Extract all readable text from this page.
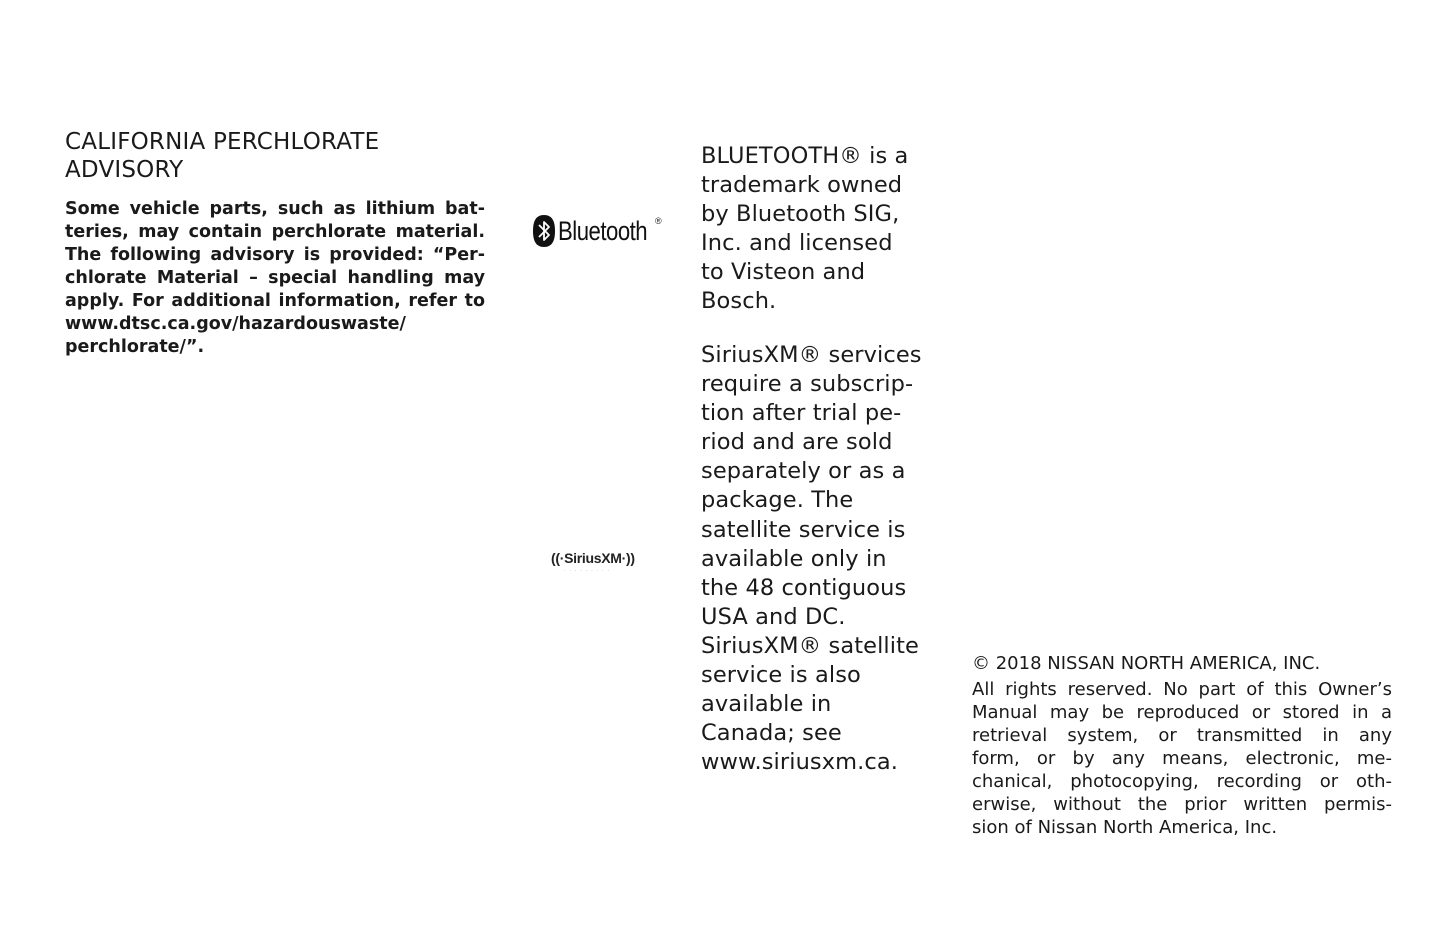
CALIFORNIA PERCHLORATE
ADVISORY

Some vehicle parts, such as lithium bat-
teries, may contain perchlorate material.
The following advisory is provided: “Per-
chlorate Material – special handling may
apply. For additional information, refer to
www.dtsc.ca.gov/hazardouswaste/
perchlorate/”.

Bluetooth ®

BLUETOOTH® is a
trademark owned
by Bluetooth SIG,
Inc. and licensed
to Visteon and
Bosch.

((·SiriusXM·))
· · · · · · · · ·

SiriusXM® services
require a subscrip-
tion after trial pe-
riod and are sold
separately or as a
package. The
satellite service is
available only in
the 48 contiguous
USA and DC.
SiriusXM® satellite
service is also
available in
Canada; see
www.siriusxm.ca.

© 2018 NISSAN NORTH AMERICA, INC.

All rights reserved. No part of this Owner’s
Manual may be reproduced or stored in a
retrieval system, or transmitted in any
form, or by any means, electronic, me-
chanical, photocopying, recording or oth-
erwise, without the prior written permis-
sion of Nissan North America, Inc.
